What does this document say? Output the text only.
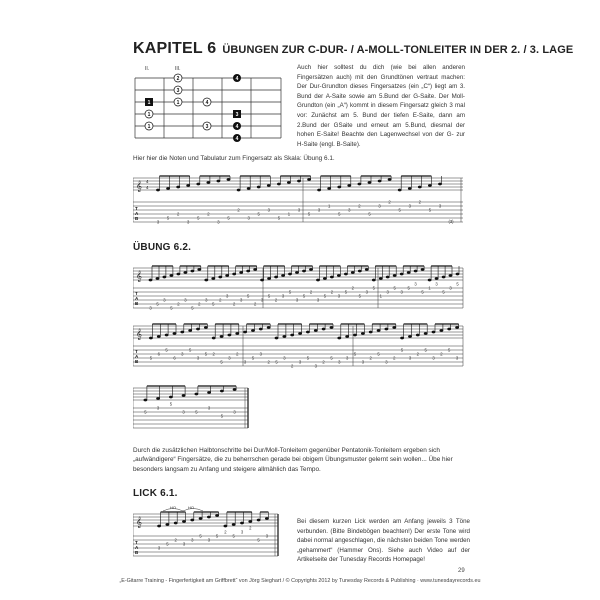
KAPITEL 6 ÜBUNGEN ZUR C-DUR- / A-MOLL-TONLEITER IN DER 2. / 3. LAGE
II.	III.
1
2	4
3
1
1
4
3
1	4
3
4
Auch hier solltest du dich (wie bei allen anderen Fingersätzen auch) mit den Grundtönen vertraut machen: Der Dur-Grundton dieses Fingersatzes (ein „C“) liegt am 3. Bund der A-Saite sowie am 5.Bund der G-Saite. Der Moll-Grundton (ein „A“) kommt in diesem Fingersatz gleich 3 mal vor: Zunächst am 5. Bund der tiefen E-Saite, dann am 2.Bund der GSaite und erneut am 5.Bund, diesmal der hohen E-Saite! Beachte den Lagenwechsel von der G- zur H-Saite (engl. B-Saite).
Hier hier die Noten und Tabulatur zum Fingersatz als Skala: Übung 6.1.
𝄞 4
4
T
A
B
3
5
2
3
5
2
3
5
2
3
5
3
5
1
3
5
3
1
5
3
2
5
3
2
5
3
2
5
3
(3)
ÜBUNG 6.2.
𝄞
T
A
B
3
5
3
5
2
3
5
2
3
5
2
3
2
3
5
2
3
5
2
3
5
3
5
2
3
5
2
3
5
2
5
3
5
1
3
5
3
5
3
5
1
3
5
3
5
𝄞
T
A
B
5
6
5
6
3
5
3
5 2
5
3
2
3
5
3
2 5
3
2
3
5
3
2
5
3
3
5
3
2
5
3
2
5
3
2
5
3
2
5
3
5
3
5
3 5
3
5
3
Durch die zusätzlichen Halbtonschritte bei Dur/Moll-Tonleitern gegenüber Pentatonik-Tonleitern ergeben sich „aufwändigere“ Fingersätze, die zu beherrschen gerade bei obigem Übungsmuster gelernt sein wollen... Übe hier besonders langsam zu Anfang und steigere allmählich das Tempo.
LICK 6.1.
HO	HO
𝄞
T
A
B
3
5
2
3
3
5
3
5
2
5
3
2
5
3
Bei diesem kurzen Lick werden am Anfang jeweils 3 Töne verbunden. (Bitte Bindebögen beachten!) Der erste Tone wird dabei normal angeschlagen, die nächsten beiden Tone werden „gehammert“ (Hammer Ons). Siehe auch Video auf der Artikelseite der Tunesday Records Homepage!
29
„E-Gitarre Training - Fingerfertigkeit am Griffbrett“ von Jörg Sieghart / © Copyrights 2012 by Tunesday Records & Publishing · www.tunesdayrecords.eu
